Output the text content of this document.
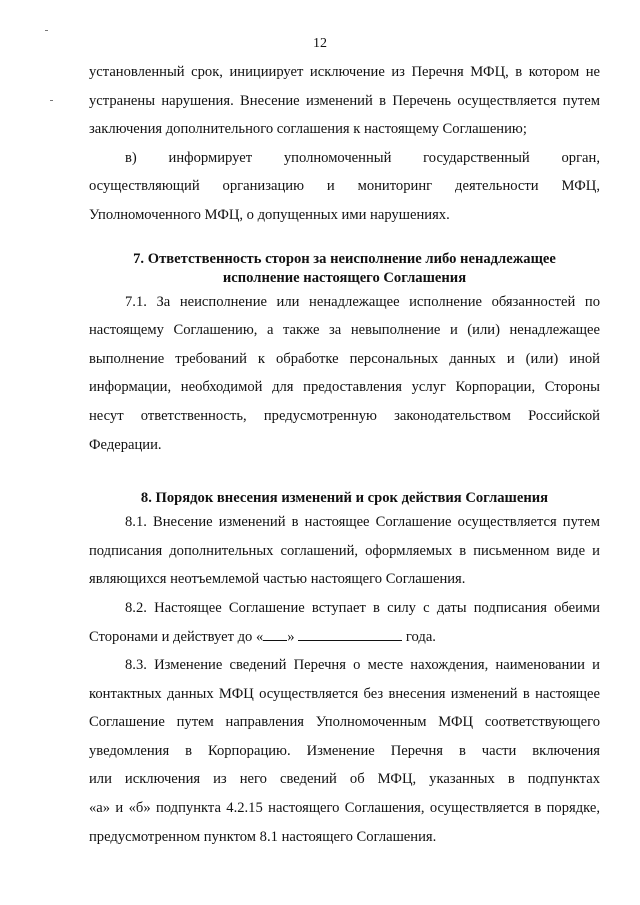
12
установленный срок, инициирует исключение из Перечня МФЦ, в котором не
устранены нарушения. Внесение изменений в Перечень осуществляется путем
заключения дополнительного соглашения к настоящему Соглашению;
в) информирует уполномоченный государственный орган,
осуществляющий организацию и мониторинг деятельности МФЦ,
Уполномоченного МФЦ, о допущенных ими нарушениях.
7. Ответственность сторон за неисполнение либо ненадлежащее
исполнение настоящего Соглашения
7.1. За неисполнение или ненадлежащее исполнение обязанностей по
настоящему Соглашению, а также за невыполнение и (или) ненадлежащее
выполнение требований к обработке персональных данных и (или) иной
информации, необходимой для предоставления услуг Корпорации, Стороны
несут ответственность, предусмотренную законодательством Российской
Федерации.
8. Порядок внесения изменений и срок действия Соглашения
8.1. Внесение изменений в настоящее Соглашение осуществляется путем
подписания дополнительных соглашений, оформляемых в письменном виде и
являющихся неотъемлемой частью настоящего Соглашения.
8.2. Настоящее Соглашение вступает в силу с даты подписания обеими
Сторонами и действует до « »	года.
8.3. Изменение сведений Перечня о месте нахождения, наименовании и
контактных данных МФЦ осуществляется без внесения изменений в настоящее
Соглашение путем направления Уполномоченным МФЦ соответствующего
уведомления в Корпорацию. Изменение Перечня в части включения
или исключения из него сведений об МФЦ, указанных в подпунктах
«а» и «б» подпункта 4.2.15 настоящего Соглашения, осуществляется в порядке,
предусмотренном пунктом 8.1 настоящего Соглашения.
